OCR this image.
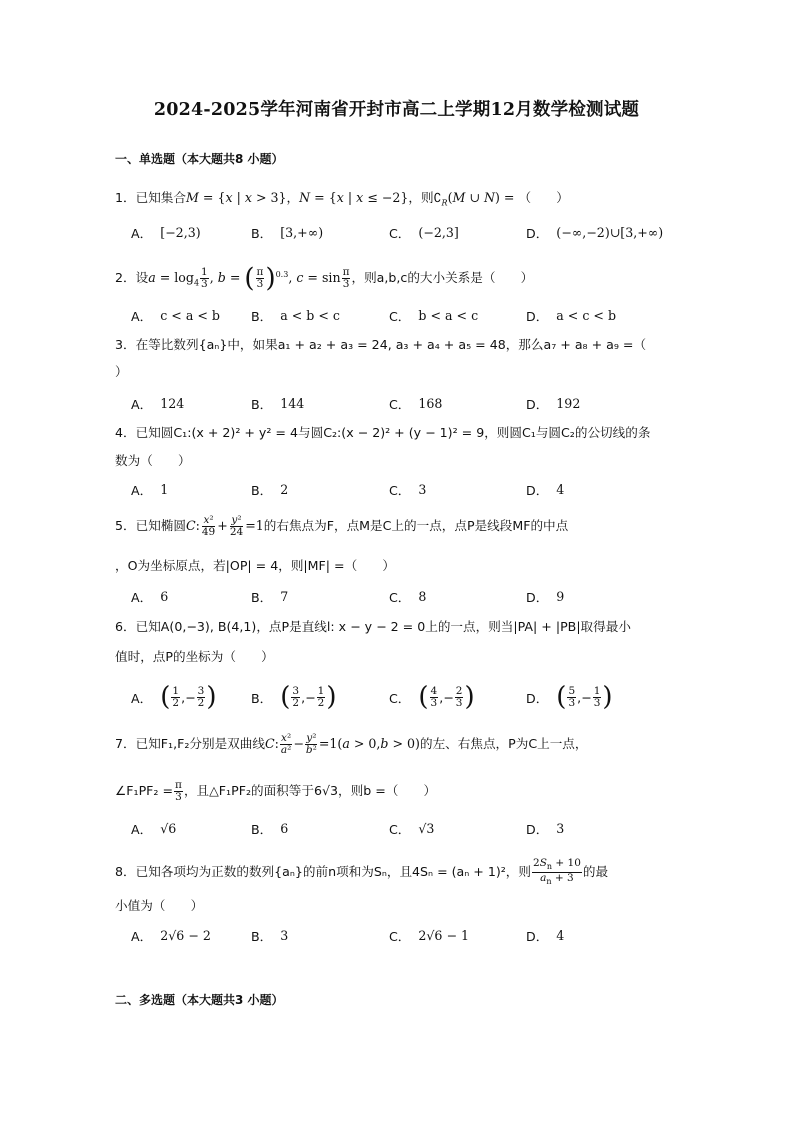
2024-2025学年河南省开封市高二上学期12月数学检测试题
一、单选题（本大题共8 小题）
1．已知集合M = {x | x > 3}，N = {x | x ≤ −2}，则$∁_R(M$ ∪ N) = （　　）
A． [−2,3)	B． [3,+∞)	C． (−2,3]	D． (−∞,−2)∪[3,+∞)
2．设$a = \log_4 \frac{1}{3}$ , b = ( $\frac{\pi}{3} )^{0.3}$, $c = \sin \frac{\pi}{3}$ ，则a,b,c的大小关系是（　　）
A． c < a < b B． a < b < c	C． b < a < c	D． a < c < b
3．在等比数列{aₙ}中，如果a₁ + a₂ + a₃ = 24, a₃ + a₄ + a₅ = 48，那么a₇ + a₈ + a₉ =（
）
A． 124	B． 144	C． 168	D． 192
4．已知圆C₁:(x + 2)² + y² = 4与圆C₂:(x − 2)² + (y − 1)² = 9，则圆C₁与圆C₂的公切线的条
数为（　　）
A． 1	B． 2	C． 3	D． 4
5．已知椭圆C: $\frac{\text{x²}}{49} + \frac{\text{y²}}{24} =1$的右焦点为F，点M是C上的一点，点P是线段MF的中点
，O为坐标原点，若|OP| = 4，则|MF| =（　　）
A． 6	B． 7	C． 8	D． 9
6．已知A(0,−3), B(4,1)，点P是直线l: x − y − 2 = 0上的一点，则当|PA| + |PB|取得最小
值时，点P的坐标为（　　）
A． ( $\frac{1}{2}$ ,− $\frac{3}{2}$ )	B． ( $\frac{3}{2}$ ,− $\frac{1}{2}$ )	C． ( $\frac{4}{3}$ ,− $\frac{2}{3}$ )	D． ( $\frac{5}{3}$ ,− $\frac{1}{3}$ )
7．已知F₁,F₂分别是双曲线C: $\frac{\text{x²}}{\text{a²}} - \frac{\text{y²}}{\text{b²}} =1(a > 0,b > 0)$的左、右焦点，P为C上一点，
∠F₁PF₂ = $\frac{\pi}{3}$ ，且△F₁PF₂的面积等于6√3，则b =（　　）
A． √6	B． 6	C． √3	D． 3
8．已知各项均为正数的数列{aₙ}的前n项和为Sₙ，且4Sₙ = (aₙ + 1)²，则 $\frac{2S_n + 10}{a_n + 3}$ 的最
小值为（　　）
A． 2√6 − 2	B． 3	C． 2√6 − 1	D． 4
二、多选题（本大题共3 小题）
